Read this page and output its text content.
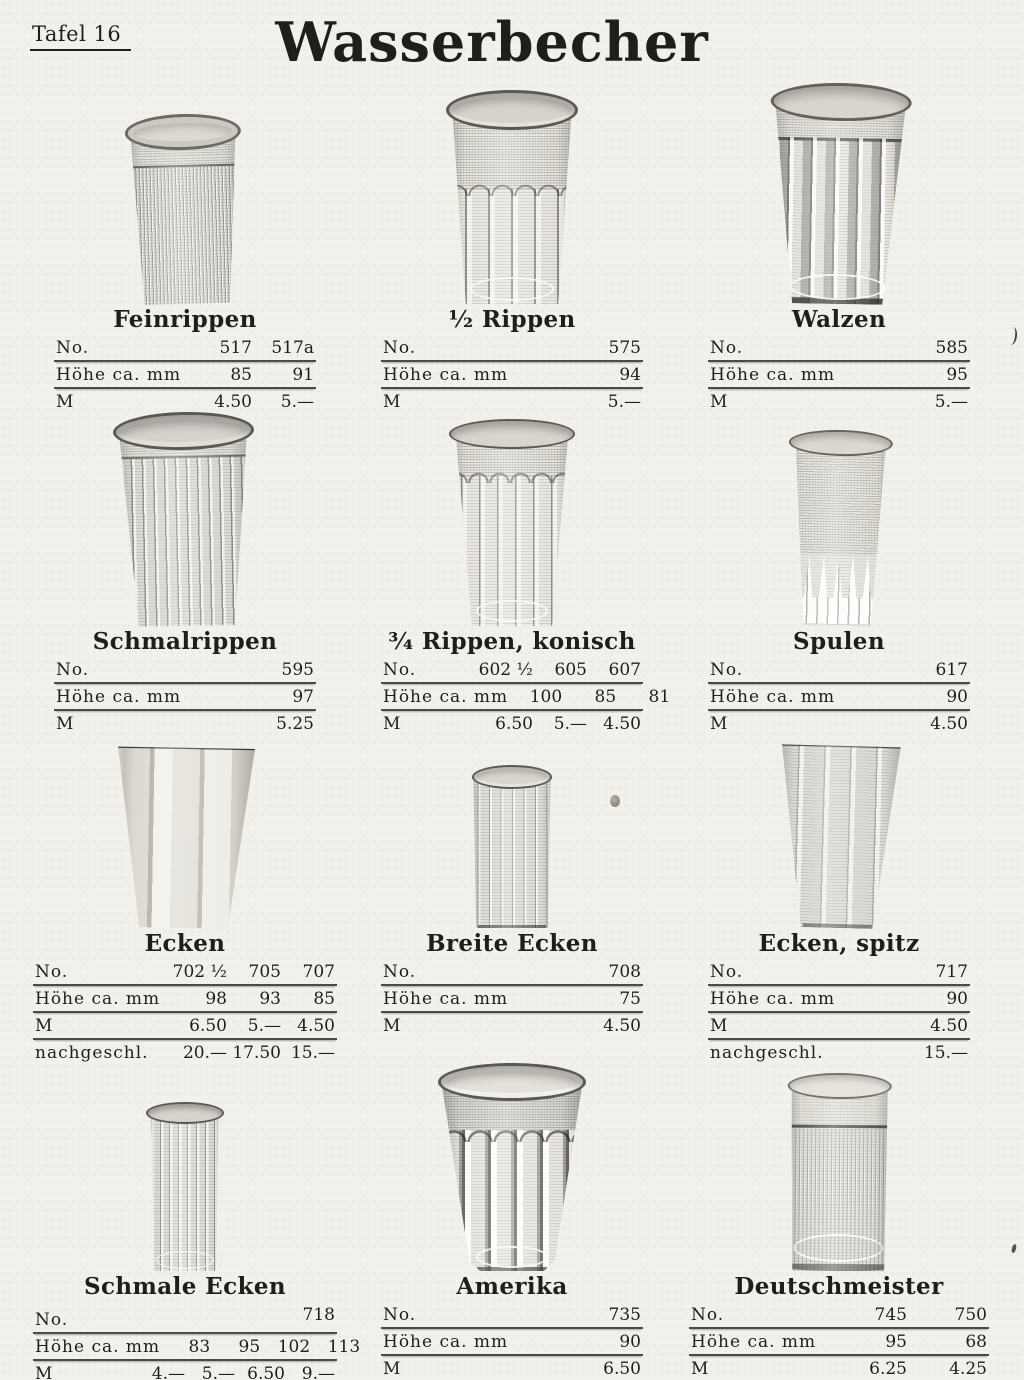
Tafel 16	Wasserbecher
Feinrippen
No.	517	517a
Höhe ca. mm	85	91
M	4.50	5.—
¹⁄₂ Rippen
No.	575
Höhe ca. mm	94
M	5.—
Walzen
No.	585
Höhe ca. mm	95
M	5.—
Schmalrippen
No.	595
Höhe ca. mm	97
M	5.25
³⁄₄ Rippen, konisch
No.	602 ¹⁄₂	605	607
Höhe ca. mm	100	85	81
M	6.50	5.— 4.50
Spulen
No.	617
Höhe ca. mm	90
M	4.50
Ecken
No.	702 ¹⁄₂	705	707
Höhe ca. mm	98	93	85
M	6.50	5.— 4.50
nachgeschl.	20.— 17.50 15.—
Breite Ecken
No.	708
Höhe ca. mm	75
M	4.50
Ecken, spitz
No.	717
Höhe ca. mm	90
M	4.50
nachgeschl.	15.—
Schmale Ecken
No.	718
Höhe ca. mm	83	95	102	113
M	4.— 5.— 6.50 9.—
Amerika
No.	735
Höhe ca. mm	90
M	6.50
Deutschmeister
No.	745	750
Höhe ca. mm	95	68
M	6.25	4.25
